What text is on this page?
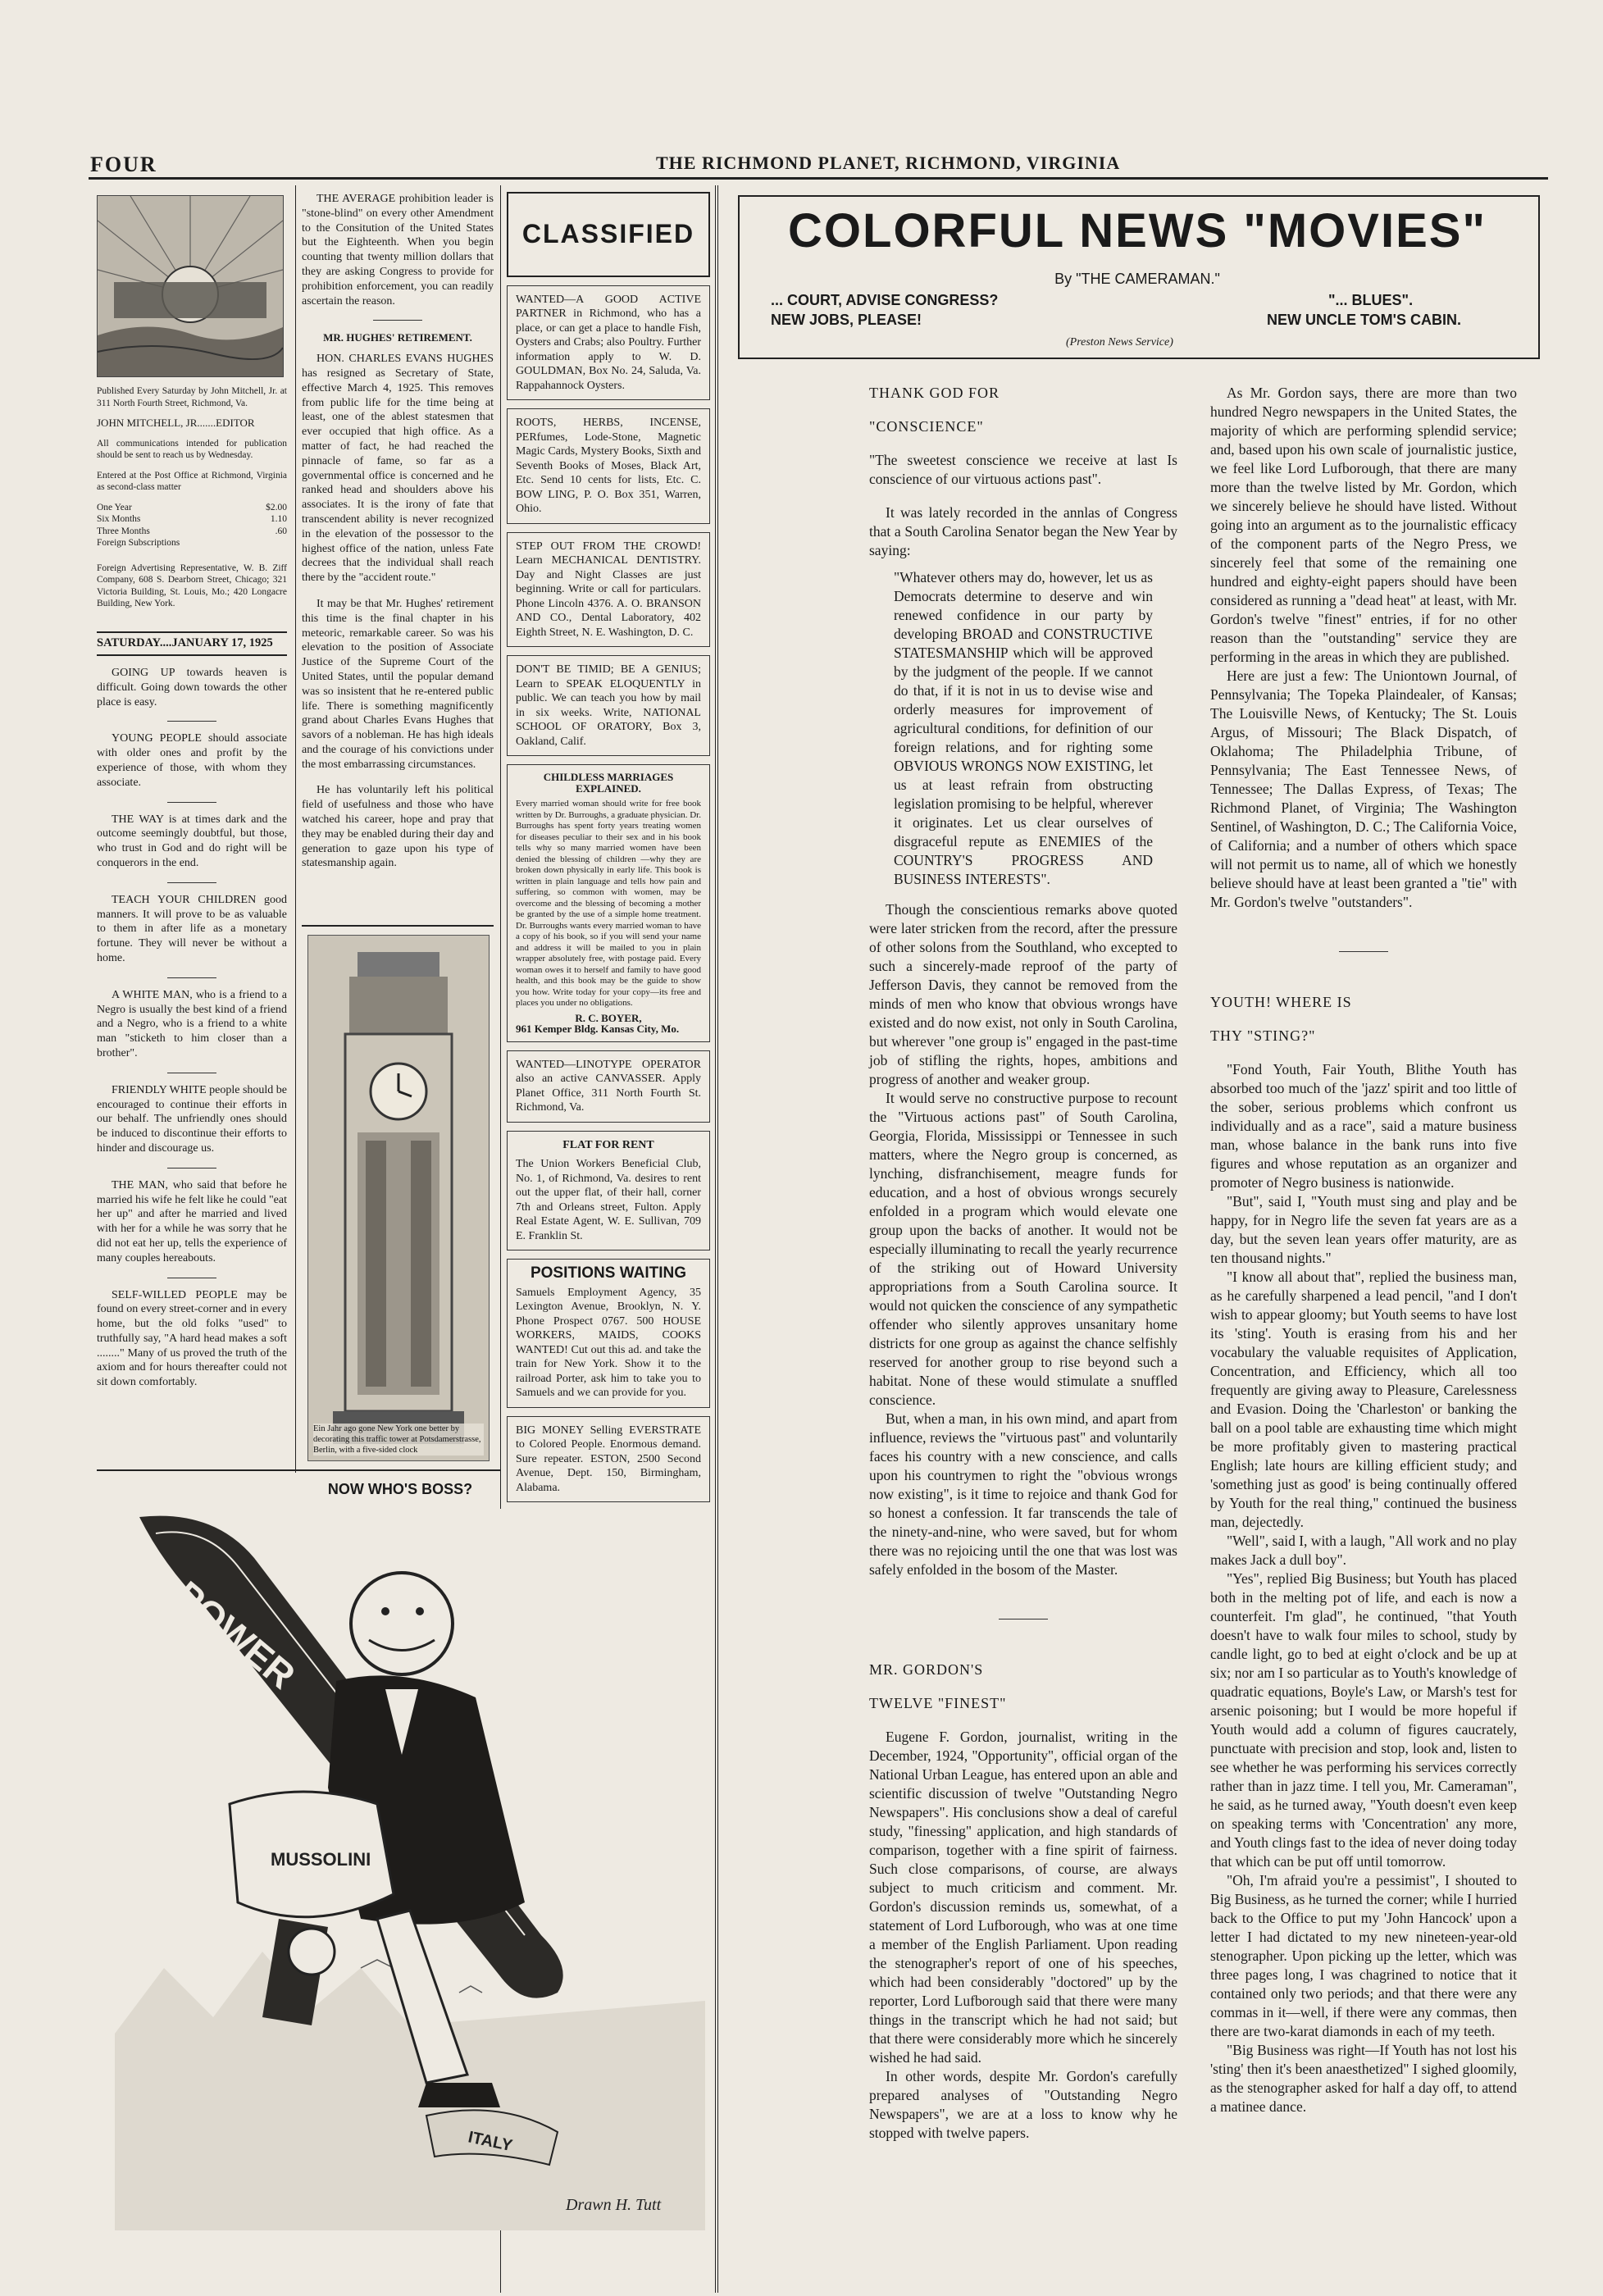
FOUR	THE RICHMOND PLANET, RICHMOND, VIRGINIA

Published Every Saturday by John Mitchell, Jr. at 311 North Fourth Street, Richmond, Va.

JOHN MITCHELL, JR.......EDITOR

All communications intended for publication should be sent to reach us by Wednesday.

Entered at the Post Office at Richmond, Virginia as second-class matter

One Year	$2.00
Six Months	1.10
Three Months	.60
Foreign Subscriptions

Foreign Advertising Representative, W. B. Ziff Company, 608 S. Dearborn Street, Chicago; 321 Victoria Building, St. Louis, Mo.; 420 Longacre Building, New York.

SATURDAY....JANUARY 17, 1925

GOING UP towards heaven is difficult. Going down towards the other place is easy.

YOUNG PEOPLE should associate with older ones and profit by the experience of those, with whom they associate.

THE WAY is at times dark and the outcome seemingly doubtful, but those, who trust in God and do right will be conquerors in the end.

TEACH YOUR CHILDREN good manners. It will prove to be as valuable to them in after life as a monetary fortune. They will never be without a home.

A WHITE MAN, who is a friend to a Negro is usually the best kind of a friend and a Negro, who is a friend to a white man "sticketh to him closer than a brother".

FRIENDLY WHITE people should be encouraged to continue their efforts in our behalf. The unfriendly ones should be induced to discontinue their efforts to hinder and discourage us.

THE MAN, who said that before he married his wife he felt like he could "eat her up" and after he married and lived with her for a while he was sorry that he did not eat her up, tells the experience of many couples hereabouts.

SELF-WILLED PEOPLE may be found on every street-corner and in every home, but the old folks "used" to truthfully say, "A hard head makes a soft ........" Many of us proved the truth of the axiom and for hours thereafter could not sit down comfortably.

THE AVERAGE prohibition leader is "stone-blind" on every other Amendment to the Consitution of the United States but the Eighteenth. When you begin counting that twenty million dollars that they are asking Congress to provide for prohibition enforcement, you can readily ascertain the reason.

MR. HUGHES' RETIREMENT.

HON. CHARLES EVANS HUGHES has resigned as Secretary of State, effective March 4, 1925. This removes from public life for the time being at least, one of the ablest statesmen that ever occupied that high office. As a matter of fact, he had reached the pinnacle of fame, so far as a governmental office is concerned and he ranked head and shoulders above his associates. It is the irony of fate that transcendent ability is never recognized in the elevation of the possessor to the highest office of the nation, unless Fate decrees that the individual shall reach there by the "accident route."

It may be that Mr. Hughes' retirement this time is the final chapter in his meteoric, remarkable career. So was his elevation to the position of Associate Justice of the Supreme Court of the United States, until the popular demand was so insistent that he re-entered public life. There is something magnificently grand about Charles Evans Hughes that savors of a nobleman. He has high ideals and the courage of his convictions under the most embarrassing circumstances.

He has voluntarily left his political field of usefulness and those who have watched his career, hope and pray that they may be enabled during their day and generation to gaze upon his type of statesmanship again.

Ein Jahr ago gone New York one better by decorating this traffic tower at Potsdamerstrasse, Berlin, with a five-sided clock
CLASSIFIED

WANTED—A GOOD ACTIVE PARTNER in Richmond, who has a place, or can get a place to handle Fish, Oysters and Crabs; also Poultry. Further information apply to W. D. GOULDMAN, Box No. 24, Saluda, Va. Rappahannock Oysters.

ROOTS, HERBS, INCENSE, PERfumes, Lode-Stone, Magnetic Magic Cards, Mystery Books, Sixth and Seventh Books of Moses, Black Art, Etc. Send 10 cents for lists, Etc. C. BOW LING, P. O. Box 351, Warren, Ohio.

STEP OUT FROM THE CROWD! Learn MECHANICAL DENTISTRY. Day and Night Classes are just beginning. Write or call for particulars. Phone Lincoln 4376. A. O. BRANSON AND CO., Dental Laboratory, 402 Eighth Street, N. E. Washington, D. C.

DON'T BE TIMID; BE A GENIUS; Learn to SPEAK ELOQUENTLY in public. We can teach you how by mail in six weeks. Write, NATIONAL SCHOOL OF ORATORY, Box 3, Oakland, Calif.

CHILDLESS MARRIAGES EXPLAINED.

Every married woman should write for free book written by Dr. Burroughs, a graduate physician. Dr. Burroughs has spent forty years treating women for diseases peculiar to their sex and in his book tells why so many married women have been denied the blessing of children —why they are broken down physically in early life. This book is written in plain language and tells how pain and suffering, so common with women, may be overcome and the blessing of becoming a mother be granted by the use of a simple home treatment. Dr. Burroughs wants every married woman to have a copy of his book, so if you will send your name and address it will be mailed to you in plain wrapper absolutely free, with postage paid. Every woman owes it to herself and family to have good health, and this book may be the guide to show you how. Write today for your copy—its free and places you under no obligations.

R. C. BOYER,

961 Kemper Bldg. Kansas City, Mo.

WANTED—LINOTYPE OPERATOR also an active CANVASSER. Apply Planet Office, 311 North Fourth St. Richmond, Va.

FLAT FOR RENT

The Union Workers Beneficial Club, No. 1, of Richmond, Va. desires to rent out the upper flat, of their hall, corner 7th and Orleans street, Fulton. Apply Real Estate Agent, W. E. Sullivan, 709 E. Franklin St.

POSITIONS WAITING

Samuels Employment Agency, 35 Lexington Avenue, Brooklyn, N. Y. Phone Prospect 0767. 500 HOUSE WORKERS, MAIDS, COOKS WANTED! Cut out this ad. and take the train for New York. Show it to the railroad Porter, ask him to take you to Samuels and we can provide for you.

BIG MONEY Selling EVERSTRATE to Colored People. Enormous demand. Sure repeater. ESTON, 2500 Second Avenue, Dept. 150, Birmingham, Alabama.

NOW WHO'S BOSS?
POWER
MUSSOLINI
ITALY
Drawn H. Tutt
COLORFUL NEWS "MOVIES"
By "THE CAMERAMAN."
... COURT, ADVISE CONGRESS?
NEW JOBS, PLEASE!
"... BLUES".
NEW UNCLE TOM'S CABIN.
(Preston News Service)

THANK GOD FOR

"CONSCIENCE"

"The sweetest conscience we receive at last Is conscience of our virtuous actions past".

It was lately recorded in the annlas of Congress that a South Carolina Senator began the New Year by saying:

"Whatever others may do, however, let us as Democrats determine to deserve and win renewed confidence in our party by developing BROAD and CONSTRUCTIVE STATESMANSHIP which will be approved by the judgment of the people. If we cannot do that, if it is not in us to devise wise and orderly measures for improvement of agricultural conditions, for definition of our foreign relations, and for righting some OBVIOUS WRONGS NOW EXISTING, let us at least refrain from obstructing legislation promising to be helpful, wherever it originates. Let us clear ourselves of disgraceful repute as ENEMIES of the COUNTRY'S PROGRESS AND BUSINESS INTERESTS".

Though the conscientious remarks above quoted were later stricken from the record, after the pressure of other solons from the Southland, who excepted to such a sincerely-made reproof of the party of Jefferson Davis, they cannot be removed from the minds of men who know that obvious wrongs have existed and do now exist, not only in South Carolina, but wherever "one group is" engaged in the past-time job of stifling the rights, hopes, ambitions and progress of another and weaker group.

It would serve no constructive purpose to recount the "Virtuous actions past" of South Carolina, Georgia, Florida, Mississippi or Tennessee in such matters, where the Negro group is concerned, as lynching, disfranchisement, meagre funds for education, and a host of obvious wrongs securely enfolded in a program which would elevate one group upon the backs of another. It would not be especially illuminating to recall the yearly recurrence of the striking out of Howard University appropriations from a South Carolina source. It would not quicken the conscience of any sympathetic offender who silently approves unsanitary home districts for one group as against the chance selfishly reserved for another group to rise beyond such a habitat. None of these would stimulate a snuffled conscience.

But, when a man, in his own mind, and apart from influence, reviews the "virtuous past" and voluntarily faces his country with a new conscience, and calls upon his countrymen to right the "obvious wrongs now existing", is it time to rejoice and thank God for so honest a confession. It far transcends the tale of the ninety-and-nine, who were saved, but for whom there was no rejoicing until the one that was lost was safely enfolded in the bosom of the Master.

MR. GORDON'S

TWELVE "FINEST"

Eugene F. Gordon, journalist, writing in the December, 1924, "Opportunity", official organ of the National Urban League, has entered upon an able and scientific discussion of twelve "Outstanding Negro Newspapers". His conclusions show a deal of careful study, "finessing" application, and high standards of comparison, together with a fine spirit of fairness. Such close comparisons, of course, are always subject to much criticism and comment. Mr. Gordon's discussion reminds us, somewhat, of a statement of Lord Lufborough, who was at one time a member of the English Parliament. Upon reading the stenographer's report of one of his speeches, which had been considerably "doctored" up by the reporter, Lord Lufborough said that there were many things in the transcript which he had not said; but that there were considerably more which he sincerely wished he had said.

In other words, despite Mr. Gordon's carefully prepared analyses of "Outstanding Negro Newspapers", we are at a loss to know why he stopped with twelve papers.

As Mr. Gordon says, there are more than two hundred Negro newspapers in the United States, the majority of which are performing splendid service; and, based upon his own scale of journalistic justice, we feel like Lord Lufborough, that there are many more than the twelve listed by Mr. Gordon, which we sincerely believe he should have listed. Without going into an argument as to the journalistic efficacy of the component parts of the Negro Press, we sincerely feel that some of the remaining one hundred and eighty-eight papers should have been considered as running a "dead heat" at least, with Mr. Gordon's twelve "finest" entries, if for no other reason than the "outstanding" service they are performing in the areas in which they are published.

Here are just a few: The Uniontown Journal, of Pennsylvania; The Topeka Plaindealer, of Kansas; The Louisville News, of Kentucky; The St. Louis Argus, of Missouri; The Black Dispatch, of Oklahoma; The Philadelphia Tribune, of Pennsylvania; The East Tennessee News, of Tennessee; The Dallas Express, of Texas; The Richmond Planet, of Virginia; The Washington Sentinel, of Washington, D. C.; The California Voice, of California; and a number of others which space will not permit us to name, all of which we honestly believe should have at least been granted a "tie" with Mr. Gordon's twelve "outstanders".

YOUTH! WHERE IS

THY "STING?"

"Fond Youth, Fair Youth, Blithe Youth has absorbed too much of the 'jazz' spirit and too little of the sober, serious problems which confront us individually and as a race", said a mature business man, whose balance in the bank runs into five figures and whose reputation as an organizer and promoter of Negro business is nationwide.

"But", said I, "Youth must sing and play and be happy, for in Negro life the seven fat years are as a day, but the seven lean years offer maturity, are as ten thousand nights."

"I know all about that", replied the business man, as he carefully sharpened a lead pencil, "and I don't wish to appear gloomy; but Youth seems to have lost its 'sting'. Youth is erasing from his and her vocabulary the valuable requisites of Application, Concentration, and Efficiency, which all too frequently are giving away to Pleasure, Carelessness and Evasion. Doing the 'Charleston' or banking the ball on a pool table are exhausting time which might be more profitably given to mastering practical English; late hours are killing efficient study; and 'something just as good' is being continually offered by Youth for the real thing," continued the business man, dejectedly.

"Well", said I, with a laugh, "All work and no play makes Jack a dull boy".

"Yes", replied Big Business; but Youth has placed both in the melting pot of life, and each is now a counterfeit. I'm glad", he continued, "that Youth doesn't have to walk four miles to school, study by candle light, go to bed at eight o'clock and be up at six; nor am I so particular as to Youth's knowledge of quadratic equations, Boyle's Law, or Marsh's test for arsenic poisoning; but I would be more hopeful if Youth would add a column of figures caucrately, punctuate with precision and stop, look and, listen to see whether he was performing his services correctly rather than in jazz time. I tell you, Mr. Cameraman", he said, as he turned away, "Youth doesn't even keep on speaking terms with 'Concentration' any more, and Youth clings fast to the idea of never doing today that which can be put off until tomorrow.

"Oh, I'm afraid you're a pessimist", I shouted to Big Business, as he turned the corner; while I hurried back to the Office to put my 'John Hancock' upon a letter I had dictated to my new nineteen-year-old stenographer. Upon picking up the letter, which was three pages long, I was chagrined to notice that it contained only two periods; and that there were any commas in it—well, if there were any commas, then there are two-karat diamonds in each of my teeth.

"Big Business was right—If Youth has not lost his 'sting' then it's been anaesthetized" I sighed gloomily, as the stenographer asked for half a day off, to attend a matinee dance.
